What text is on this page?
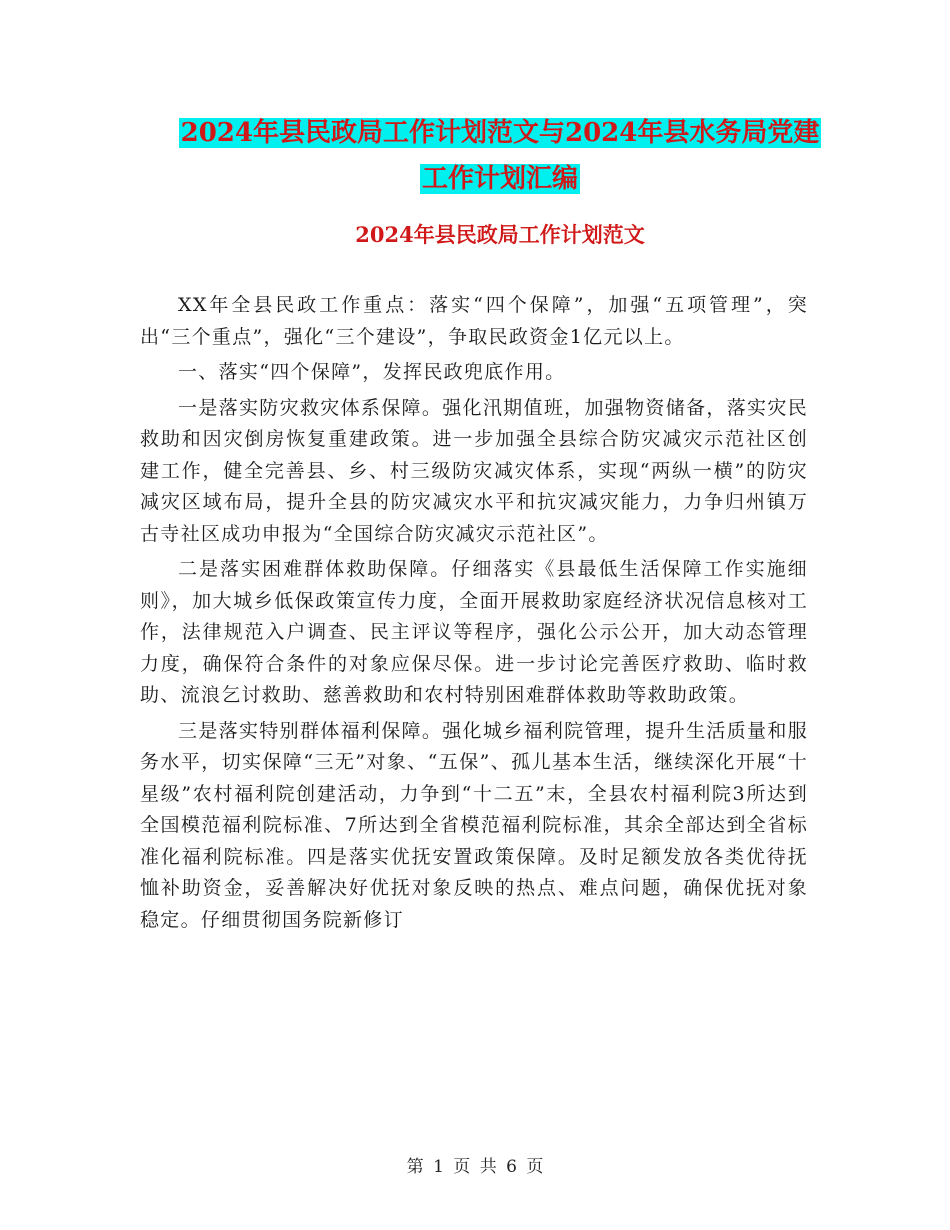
2024年县民政局工作计划范文与2024年县水务局党建
工作计划汇编
2024年县民政局工作计划范文

XX年全县民政工作重点：落实“四个保障”，加强“五项管理”，突出“三个重点”，强化“三个建设”，争取民政资金1亿元以上。

一、落实“四个保障”，发挥民政兜底作用。

一是落实防灾救灾体系保障。强化汛期值班，加强物资储备，落实灾民救助和因灾倒房恢复重建政策。进一步加强全县综合防灾减灾示范社区创建工作，健全完善县、乡、村三级防灾减灾体系，实现“两纵一横”的防灾减灾区域布局，提升全县的防灾减灾水平和抗灾减灾能力，力争归州镇万古寺社区成功申报为“全国综合防灾减灾示范社区”。

二是落实困难群体救助保障。仔细落实《县最低生活保障工作实施细则》，加大城乡低保政策宣传力度，全面开展救助家庭经济状况信息核对工作，法律规范入户调查、民主评议等程序，强化公示公开，加大动态管理力度，确保符合条件的对象应保尽保。进一步讨论完善医疗救助、临时救助、流浪乞讨救助、慈善救助和农村特别困难群体救助等救助政策。

三是落实特别群体福利保障。强化城乡福利院管理，提升生活质量和服务水平，切实保障“三无”对象、“五保”、孤儿基本生活，继续深化开展“十星级”农村福利院创建活动，力争到“十二五”末，全县农村福利院3所达到全国模范福利院标准、7所达到全省模范福利院标准，其余全部达到全省标准化福利院标准。四是落实优抚安置政策保障。及时足额发放各类优待抚恤补助资金，妥善解决好优抚对象反映的热点、难点问题，确保优抚对象稳定。仔细贯彻国务院新修订

第 1 页 共 6 页
